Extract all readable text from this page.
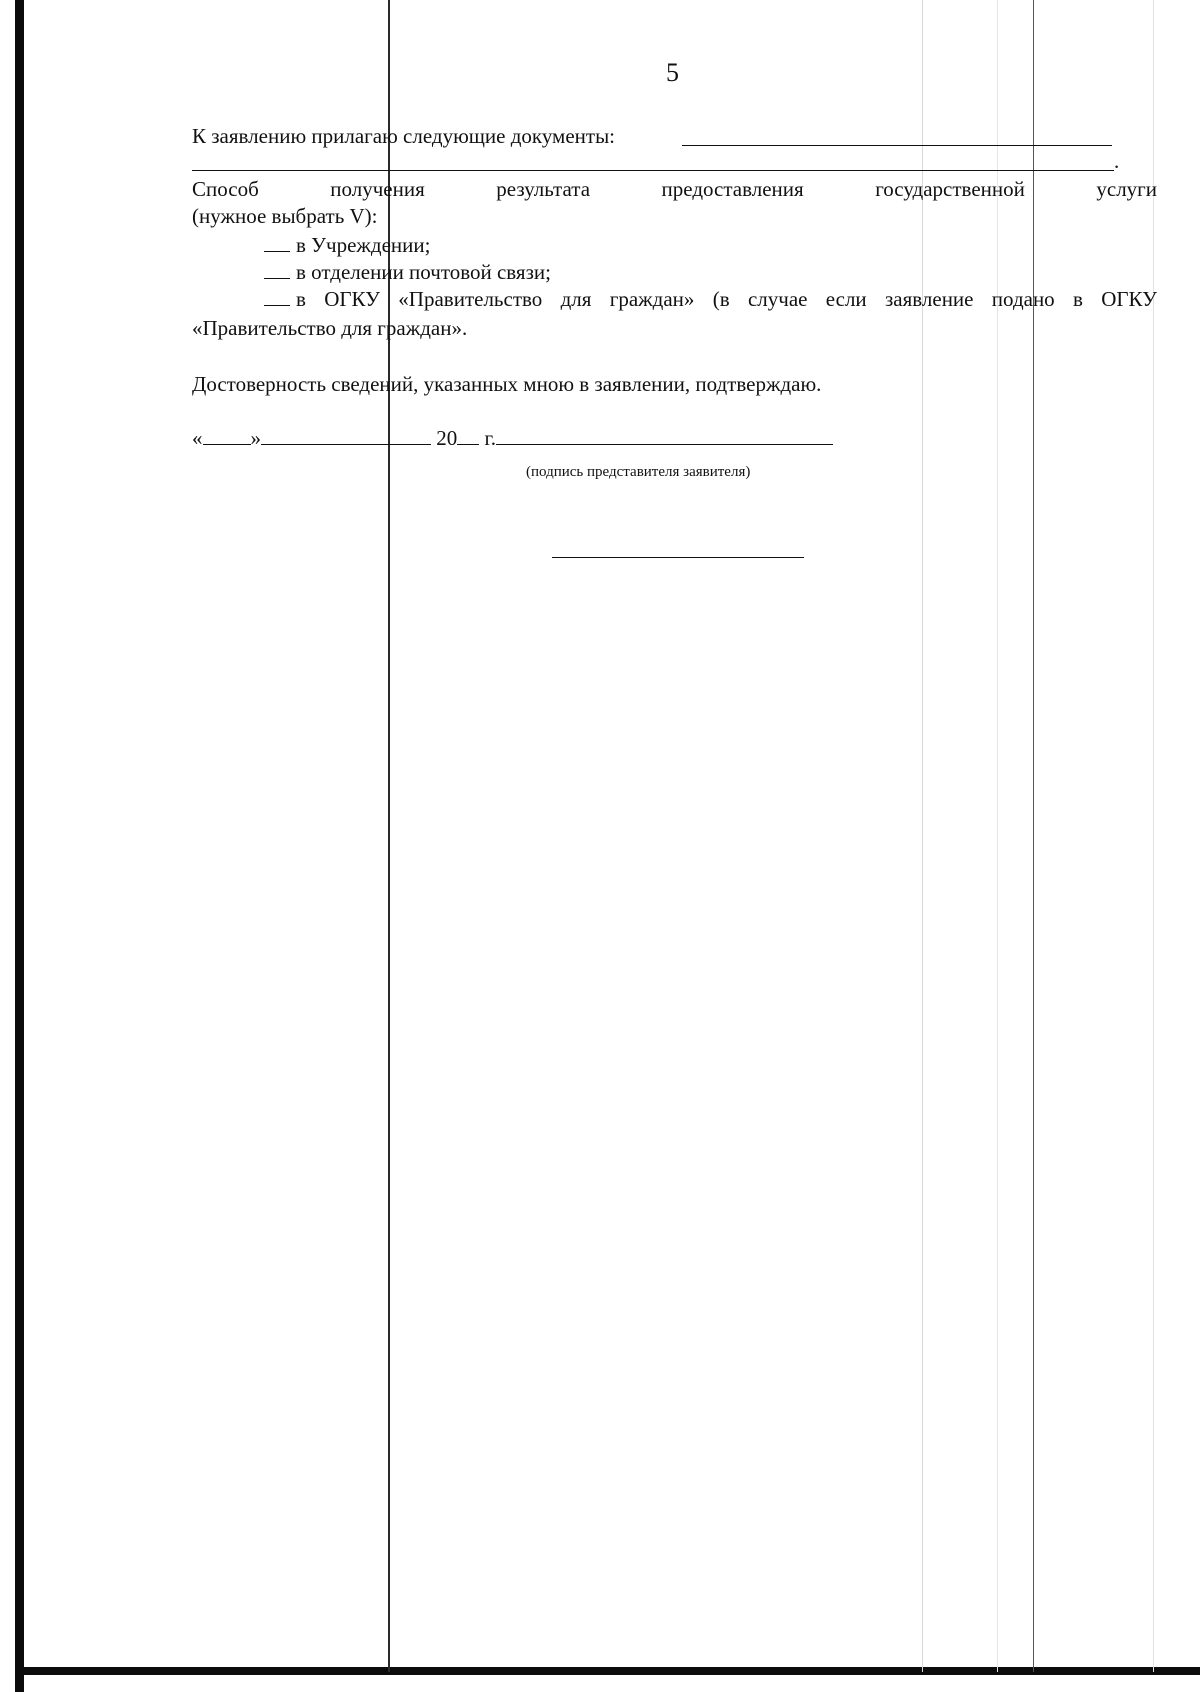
5
К заявлению прилагаю следующие документы:
.
Способ	получения	результата	предоставления	государственной	услуги
(нужное выбрать V):
в Учреждении;
в отделении почтовой связи;
в ОГКУ «Правительство для граждан» (в случае если заявление подано в ОГКУ
«Правительство для граждан».
Достоверность сведений, указанных мною в заявлении, подтверждаю.
« »	20 г.
(подпись представителя заявителя)
